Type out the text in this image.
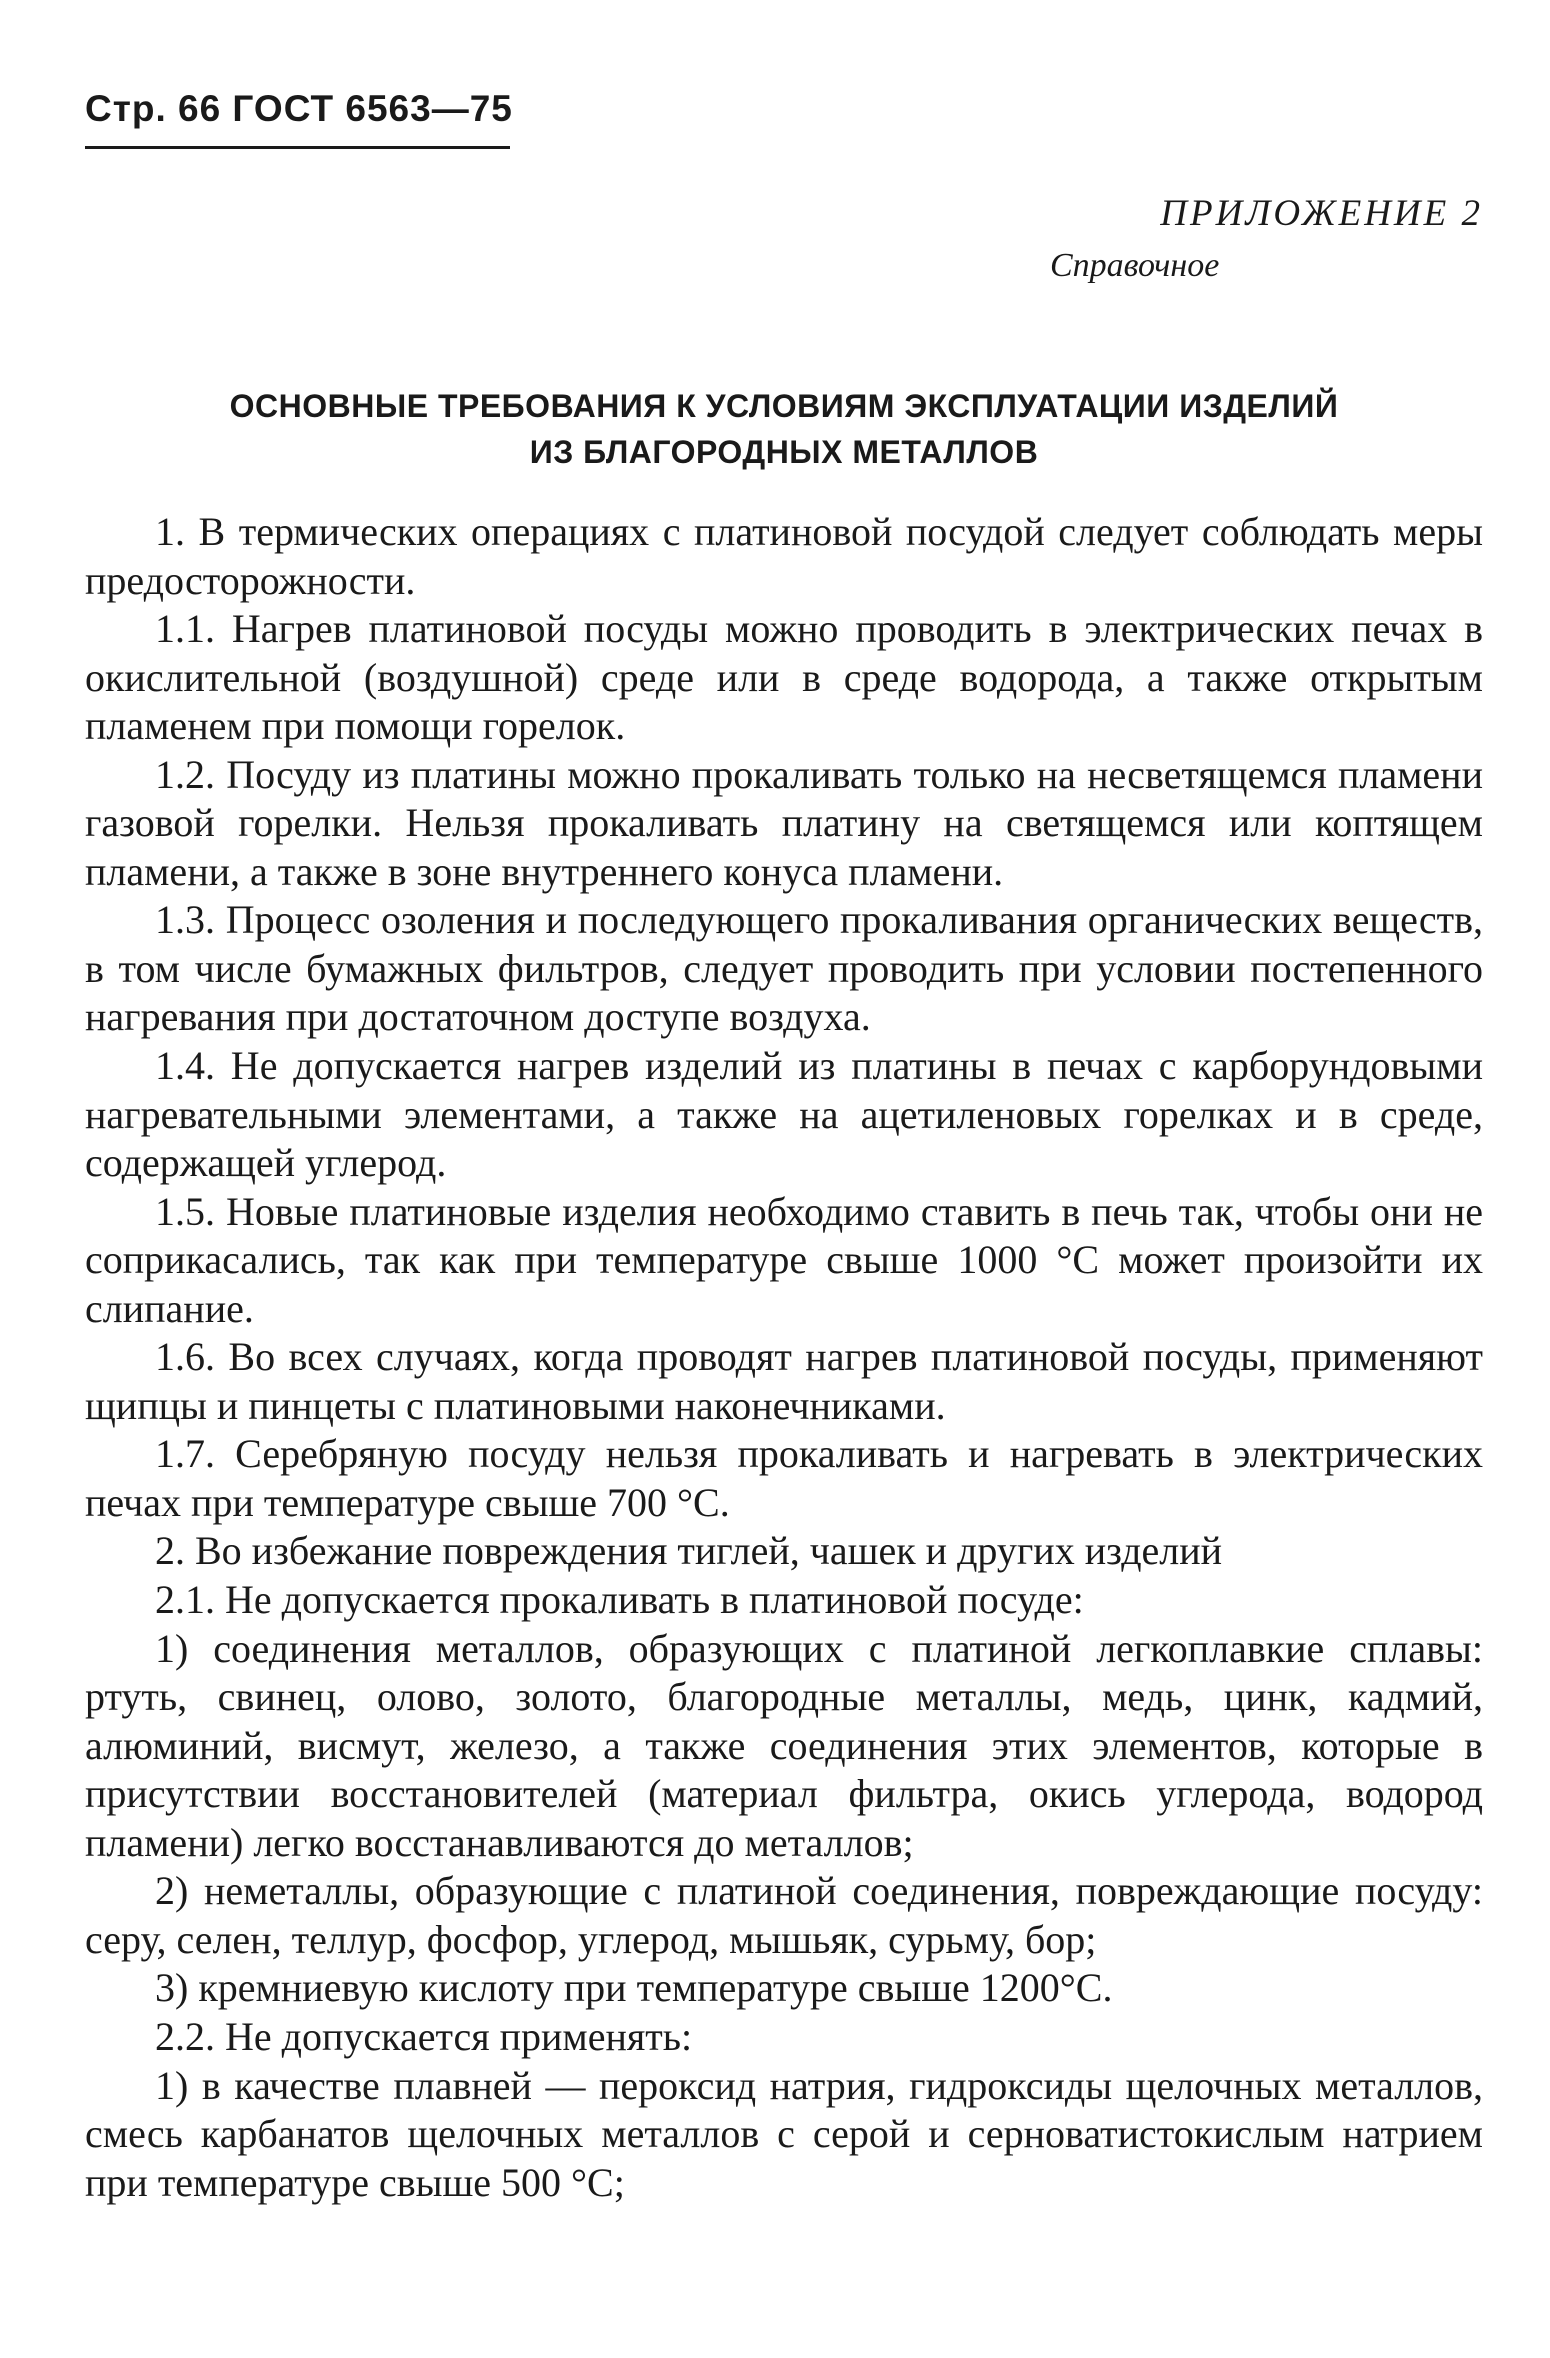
Стр. 66 ГОСТ 6563—75
ПРИЛОЖЕНИЕ 2
Справочное
ОСНОВНЫЕ ТРЕБОВАНИЯ К УСЛОВИЯМ ЭКСПЛУАТАЦИИ ИЗДЕЛИЙ
ИЗ БЛАГОРОДНЫХ МЕТАЛЛОВ

1. В термических операциях с платиновой посудой следует соблюдать меры предосторожности.

1.1. Нагрев платиновой посуды можно проводить в электрических печах в окислительной (воздушной) среде или в среде водорода, а также открытым пламенем при помощи горелок.

1.2. Посуду из платины можно прокаливать только на несветящемся пламени газовой горелки. Нельзя прокаливать платину на светящемся или коптящем пламени, а также в зоне внутреннего конуса пламени.

1.3. Процесс озоления и последующего прокаливания органических веществ, в том числе бумажных фильтров, следует проводить при условии постепенного нагревания при достаточном доступе воздуха.

1.4. Не допускается нагрев изделий из платины в печах с карборундовыми нагревательными элементами, а также на ацетиленовых горелках и в среде, содержащей углерод.

1.5. Новые платиновые изделия необходимо ставить в печь так, чтобы они не соприкасались, так как при температуре свыше 1000 °С может произойти их слипание.

1.6. Во всех случаях, когда проводят нагрев платиновой посуды, применяют щипцы и пинцеты с платиновыми наконечниками.

1.7. Серебряную посуду нельзя прокаливать и нагревать в электрических печах при температуре свыше 700 °С.

2. Во избежание повреждения тиглей, чашек и других изделий

2.1. Не допускается прокаливать в платиновой посуде:

1) соединения металлов, образующих с платиной легкоплавкие сплавы: ртуть, свинец, олово, золото, благородные металлы, медь, цинк, кадмий, алюминий, висмут, железо, а также соединения этих элементов, которые в присутствии восстановителей (материал фильтра, окись углерода, водород пламени) легко восстанавливаются до металлов;

2) неметаллы, образующие с платиной соединения, повреждающие посуду: серу, селен, теллур, фосфор, углерод, мышьяк, сурьму, бор;

3) кремниевую кислоту при температуре свыше 1200°С.

2.2. Не допускается применять:

1) в качестве плавней — пероксид натрия, гидроксиды щелочных металлов, смесь карбанатов щелочных металлов с серой и серноватистокислым натрием при температуре свыше 500 °С;
